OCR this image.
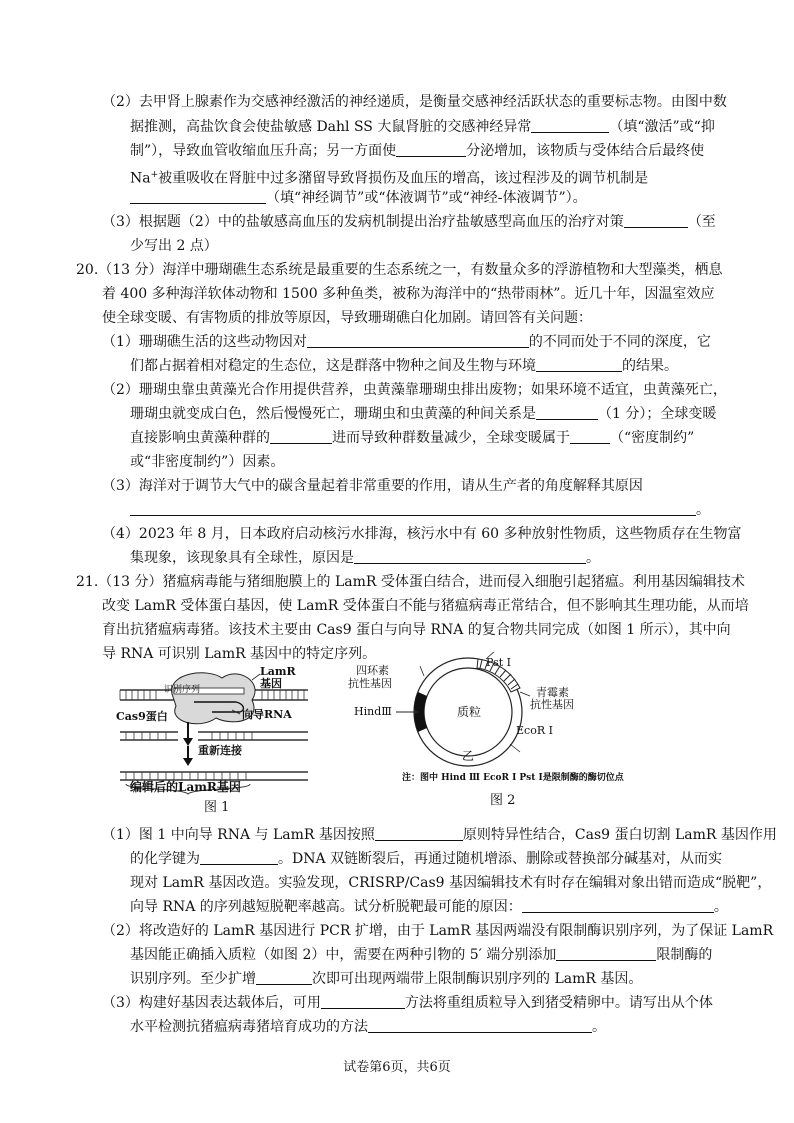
（2）去甲肾上腺素作为交感神经激活的神经递质，是衡量交感神经活跃状态的重要标志物。由图中数
据推测，高盐饮食会使盐敏感 Dahl SS 大鼠肾脏的交感神经异常	（填“激活”或“抑
制”），导致血管收缩血压升高；另一方面使	分泌增加，该物质与受体结合后最终使
Na+被重吸收在肾脏中过多潴留导致肾损伤及血压的增高，该过程涉及的调节机制是
（填“神经调节”或“体液调节”或“神经-体液调节”）。
（3）根据题（2）中的盐敏感高血压的发病机制提出治疗盐敏感型高血压的治疗对策	（至
少写出 2 点）
20.（13 分）海洋中珊瑚礁生态系统是最重要的生态系统之一，有数量众多的浮游植物和大型藻类，栖息
着 400 多种海洋软体动物和 1500 多种鱼类，被称为海洋中的“热带雨林”。近几十年，因温室效应
使全球变暖、有害物质的排放等原因，导致珊瑚礁白化加剧。请回答有关问题：
（1）珊瑚礁生活的这些动物因对	的不同而处于不同的深度，它
们都占据着相对稳定的生态位，这是群落中物种之间及生物与环境	的结果。
（2）珊瑚虫靠虫黄藻光合作用提供营养，虫黄藻靠珊瑚虫排出废物；如果环境不适宜，虫黄藻死亡，
珊瑚虫就变成白色，然后慢慢死亡，珊瑚虫和虫黄藻的种间关系是	（1 分）；全球变暖
直接影响虫黄藻种群的	进而导致种群数量减少，全球变暖属于	（“密度制约”
或“非密度制约”）因素。
（3）海洋对于调节大气中的碳含量起着非常重要的作用，请从生产者的角度解释其原因
。
（4）2023 年 8 月，日本政府启动核污水排海，核污水中有 60 多种放射性物质，这些物质存在生物富
集现象，该现象具有全球性，原因是	。
21.（13 分）猪瘟病毒能与猪细胞膜上的 LamR 受体蛋白结合，进而侵入细胞引起猪瘟。利用基因编辑技术
改变 LamR 受体蛋白基因，使 LamR 受体蛋白不能与猪瘟病毒正常结合，但不影响其生理功能，从而培
育出抗猪瘟病毒猪。该技术主要由 Cas9 蛋白与向导 RNA 的复合物共同完成（如图 1 所示），其中向
导 RNA 可识别 LamR 基因中的特定序列。
LamR
基因
识别序列
Cas9蛋白	向导RNA
重新连接
编辑后的LamR基因
图 1
四环素
抗性基因
Pst I
青霉素
抗性基因
HindⅢ	质粒
EcoR I
乙
注：图中 Hind Ⅲ EcoR Ⅰ Pst Ⅰ是限制酶的酶切位点
图 2
（1）图 1 中向导 RNA 与 LamR 基因按照	原则特异性结合，Cas9 蛋白切割 LamR 基因作用
的化学键为	。DNA 双链断裂后，再通过随机增添、删除或替换部分碱基对，从而实
现对 LamR 基因改造。实验发现，CRISRP/Cas9 基因编辑技术有时存在编辑对象出错而造成“脱靶”，
向导 RNA 的序列越短脱靶率越高。试分析脱靶最可能的原因：	。
（2）将改造好的 LamR 基因进行 PCR 扩增，由于 LamR 基因两端没有限制酶识别序列，为了保证 LamR
基因能正确插入质粒（如图 2）中，需要在两种引物的 5′ 端分别添加	限制酶的
识别序列。至少扩增	次即可出现两端带上限制酶识别序列的 LamR 基因。
（3）构建好基因表达载体后，可用	方法将重组质粒导入到猪受精卵中。请写出从个体
水平检测抗猪瘟病毒猪培育成功的方法	。
试卷第6页，共6页
